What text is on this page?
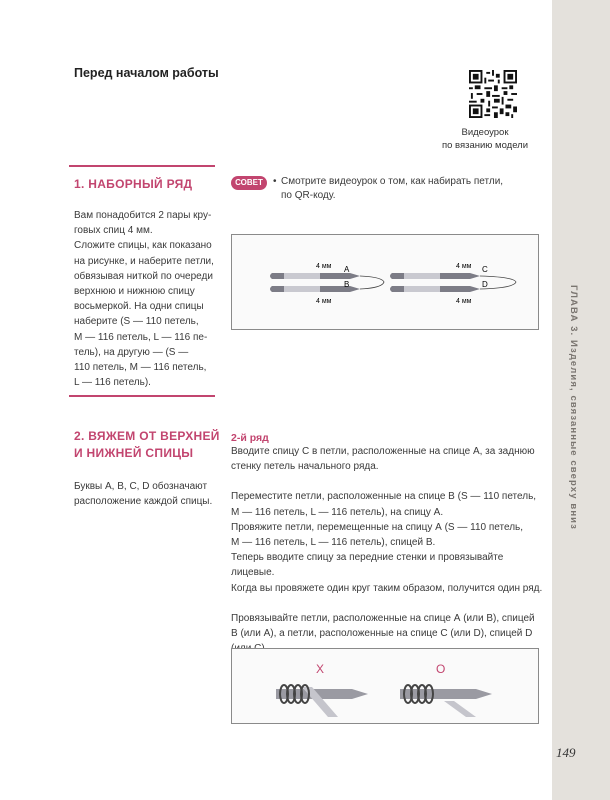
ГЛАВА 3. Изделия, связанные сверху вниз
149
Перед началом работы
Видеоурок
по вязанию модели
1. НАБОРНЫЙ РЯД
Вам понадобится 2 пары кру-
говых спиц 4 мм.
Сложите спицы, как показано
на рисунке, и наберите петли,
обвязывая ниткой по очереди
верхнюю и нижнюю спицу
восьмеркой. На одни спицы
наберите (S — 110 петель,
М — 116 петель, L — 116 пе-
тель), на другую — (S —
110 петель, М — 116 петель,
L — 116 петель).
СОВЕТ	• Смотрите видеоурок о том, как набирать петли,
по QR-коду.
4 мм
4 мм
A
B
4 мм
4 мм
C
D
2. ВЯЖЕМ ОТ ВЕРХНЕЙ
И НИЖНЕЙ СПИЦЫ
Буквы A, B, C, D обозначают
расположение каждой спицы.
2-й ряд
Вводите спицу С в петли, расположенные на спице А, за заднюю
стенку петель начального ряда.
Переместите петли, расположенные на спице В (S — 110 петель,
М — 116 петель, L — 116 петель), на спицу А.
Провяжите петли, перемещенные на спицу А (S — 110 петель,
М — 116 петель, L — 116 петель), спицей В.
Теперь вводите спицу за передние стенки и провязывайте лицевые.
Когда вы провяжете один круг таким образом, получится один ряд.
Провязывайте петли, расположенные на спице А (или В), спицей
В (или А), а петли, расположенные на спице С (или D), спицей D
X	O
